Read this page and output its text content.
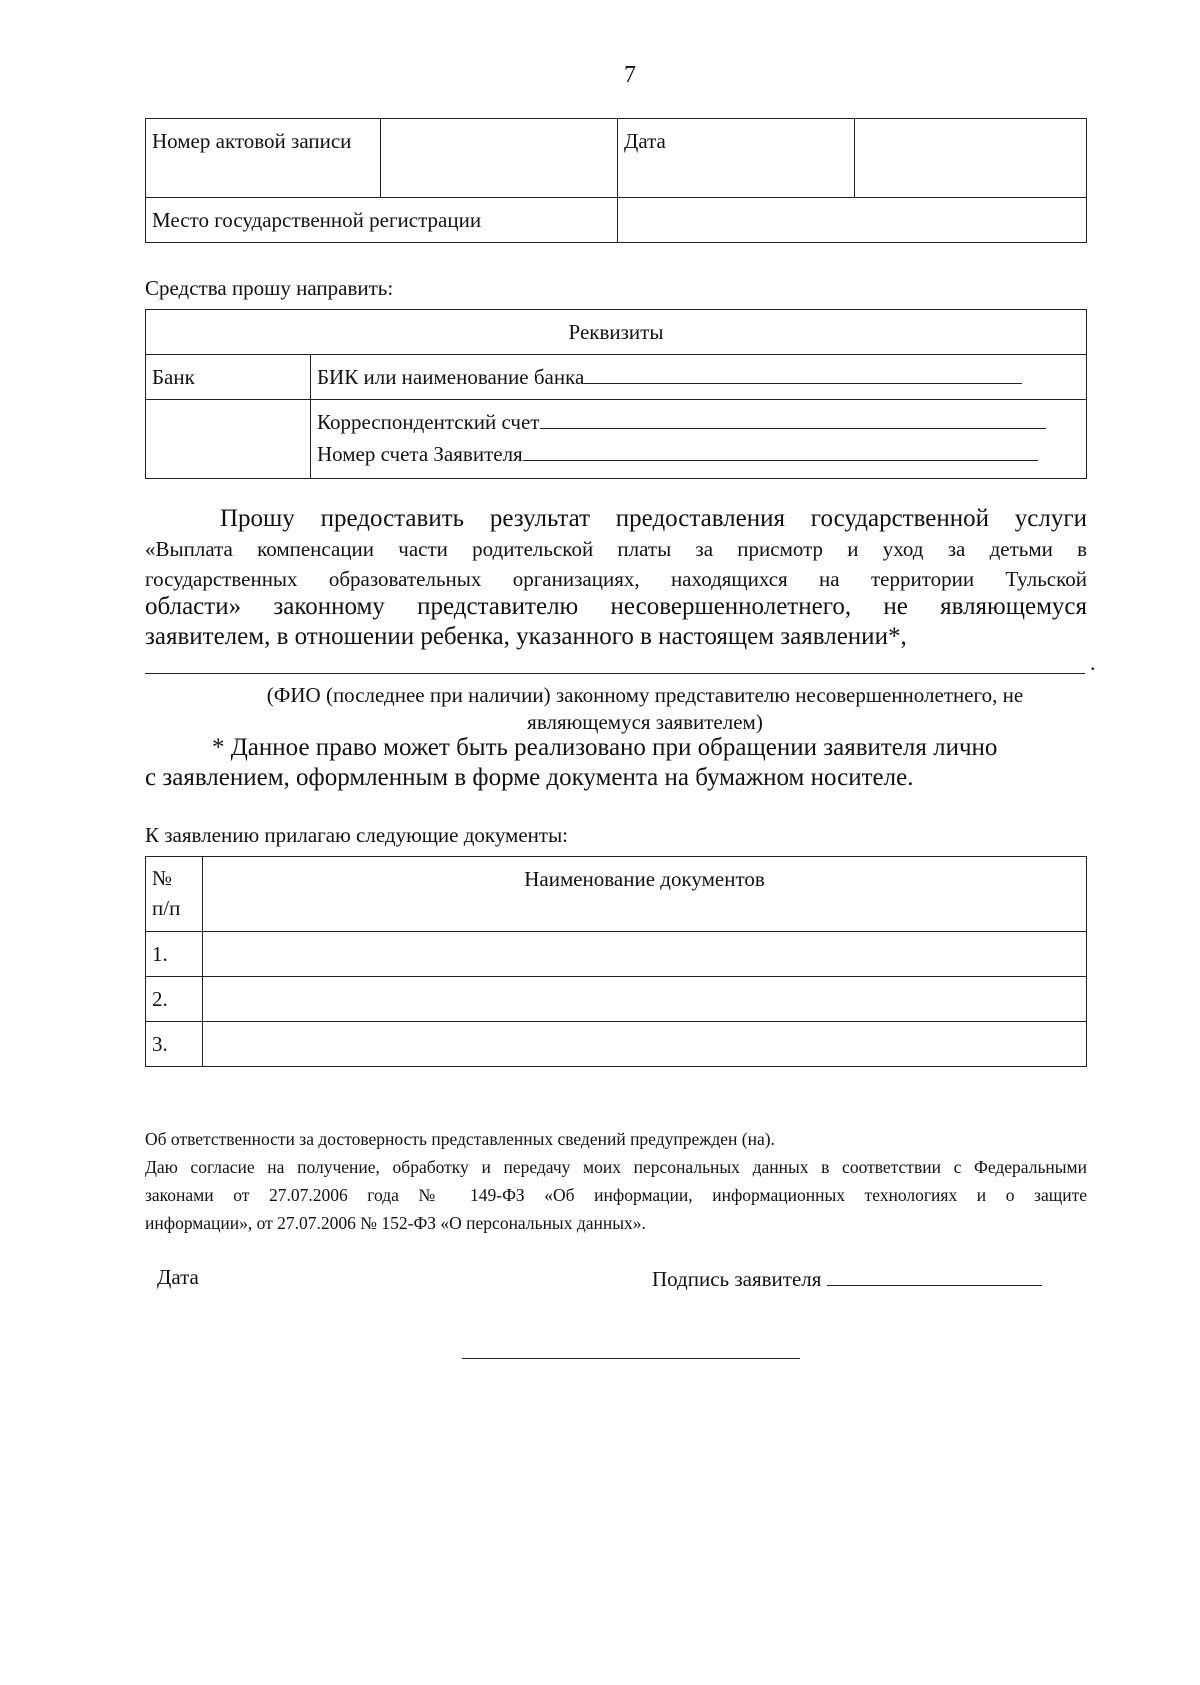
7
Номер актовой записи		Дата	
Место государственной регистрации			
Средства прошу направить:
Реквизиты	
Банк	БИК или наименование банка

	Корреспондентский счет
Номер счета Заявителя
Прошу предоставить результат предоставления государственной услуги
«Выплата компенсации части родительской платы за присмотр и уход за детьми в
государственных образовательных организациях, находящихся на территории Тульской
области» законному представителю несовершеннолетнего, не являющемуся
заявителем, в отношении ребенка, указанного в настоящем заявлении*,
.
(ФИО (последнее при наличии) законному представителю несовершеннолетнего, не
являющемуся заявителем)
* Данное право может быть реализовано при обращении заявителя лично
с заявлением, оформленным в форме документа на бумажном носителе.
К заявлению прилагаю следующие документы:
№
п/п	Наименование документов
1.	
2.	
3.	
Об ответственности за достоверность представленных сведений предупрежден (на).
Даю согласие на получение, обработку и передачу моих персональных данных в соответствии с Федеральными
законами от 27.07.2006 года № 149-ФЗ «Об информации, информационных технологиях и о защите
информации», от 27.07.2006 № 152-ФЗ «О персональных данных».
Дата	Подпись заявителя
